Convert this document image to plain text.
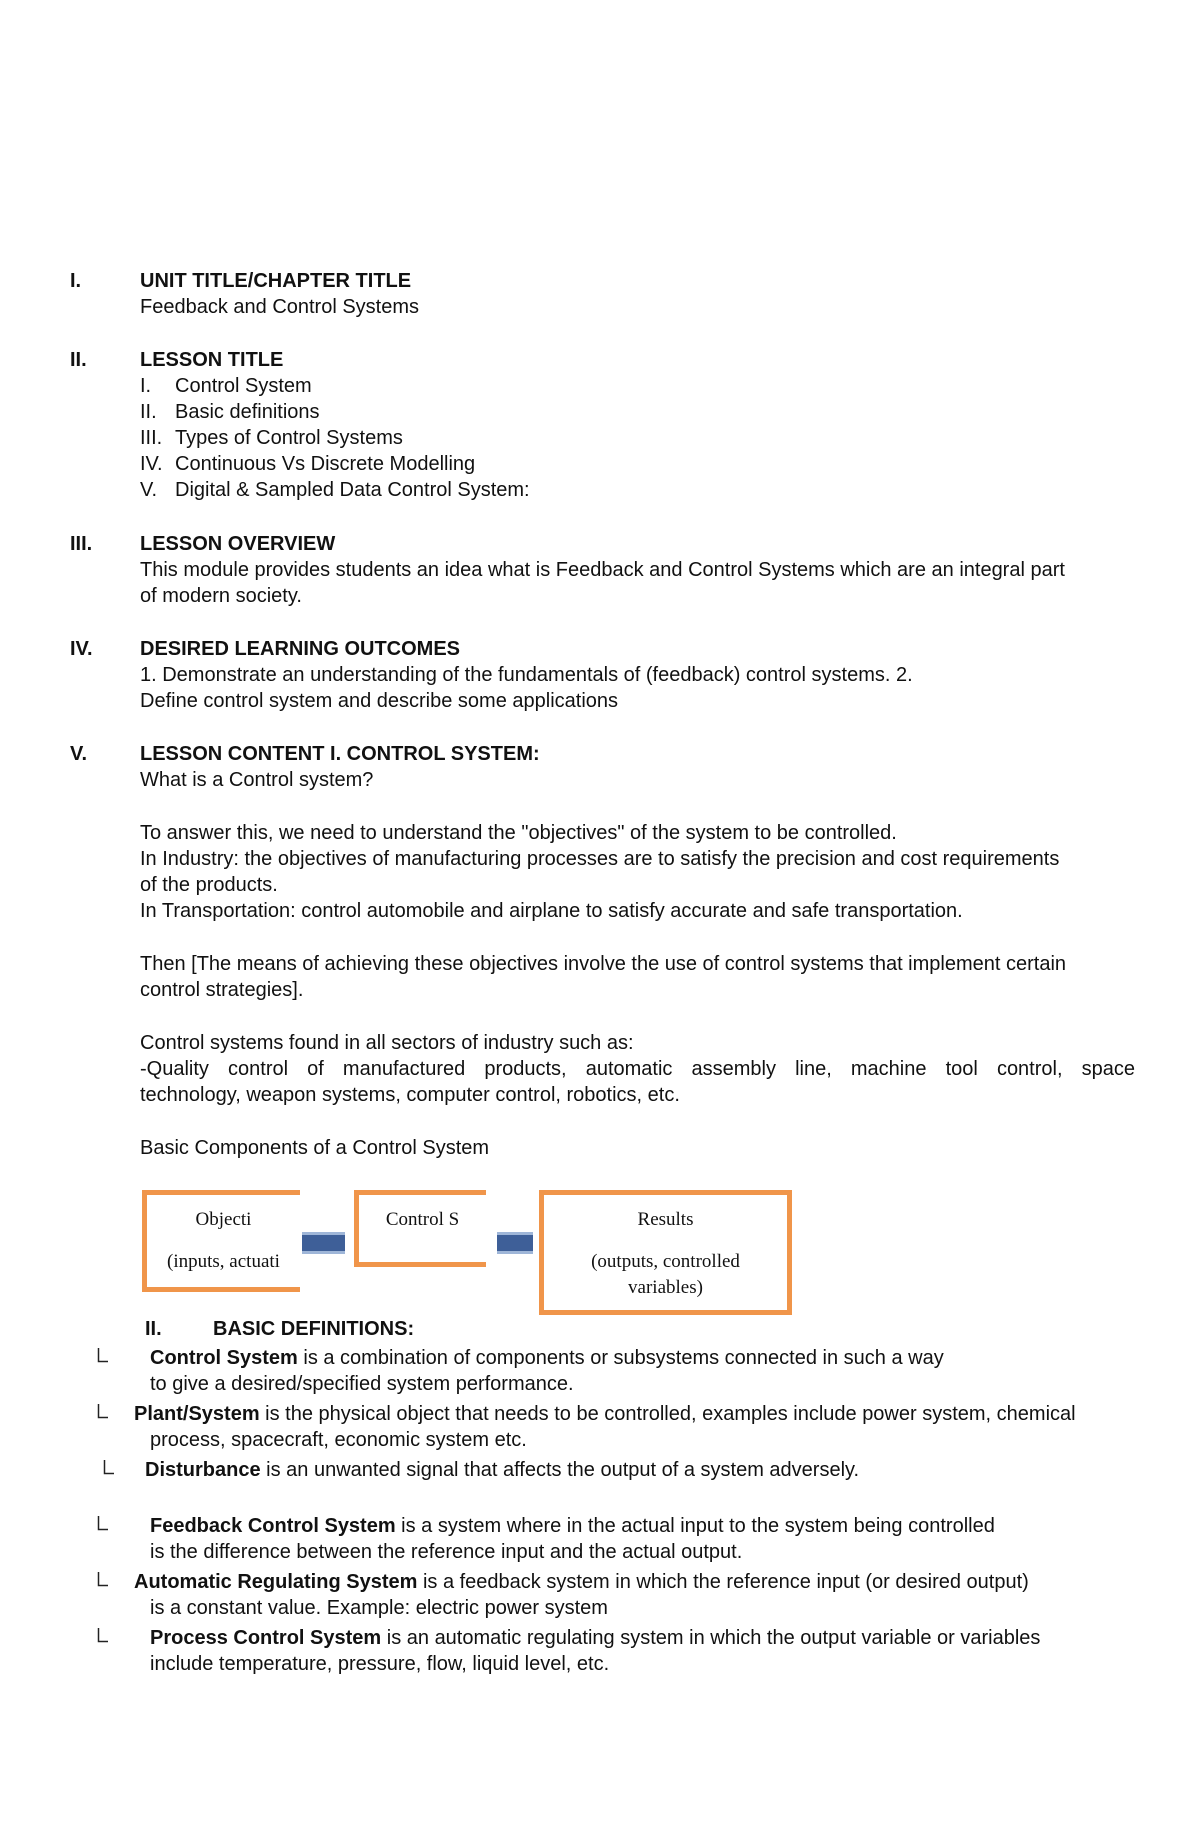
I.	UNIT TITLE/CHAPTER TITLE
Feedback and Control Systems
II.	LESSON TITLE
I. Control System
II. Basic definitions
III. Types of Control Systems
IV. Continuous Vs Discrete Modelling
V. Digital & Sampled Data Control System:
III. LESSON OVERVIEW
This module provides students an idea what is Feedback and Control Systems which are an integral part
of modern society.
IV. DESIRED LEARNING OUTCOMES
1. Demonstrate an understanding of the fundamentals of (feedback) control systems. 2.
Define control system and describe some applications
V.	LESSON CONTENT I. CONTROL SYSTEM:
What is a Control system?
To answer this, we need to understand the "objectives" of the system to be controlled.
In Industry: the objectives of manufacturing processes are to satisfy the precision and cost requirements
of the products.
In Transportation: control automobile and airplane to satisfy accurate and safe transportation.
Then [The means of achieving these objectives involve the use of control systems that implement certain
control strategies].
Control systems found in all sectors of industry such as:
-Quality control of manufactured products, automatic assembly line, machine tool control, space
technology, weapon systems, computer control, robotics, etc.
Basic Components of a Control System
Objecti
(inputs, actuati
Control S	Results
(outputs, controlled
variables)
II.	BASIC DEFINITIONS:
Control System is a combination of components or subsystems connected in such a way
to give a desired/specified system performance.
Plant/System is the physical object that needs to be controlled, examples include power system, chemical
process, spacecraft, economic system etc.
Disturbance is an unwanted signal that affects the output of a system adversely.
Feedback Control System is a system where in the actual input to the system being controlled
is the difference between the reference input and the actual output.
Automatic Regulating System is a feedback system in which the reference input (or desired output)
is a constant value. Example: electric power system
Process Control System is an automatic regulating system in which the output variable or variables
include temperature, pressure, flow, liquid level, etc.
